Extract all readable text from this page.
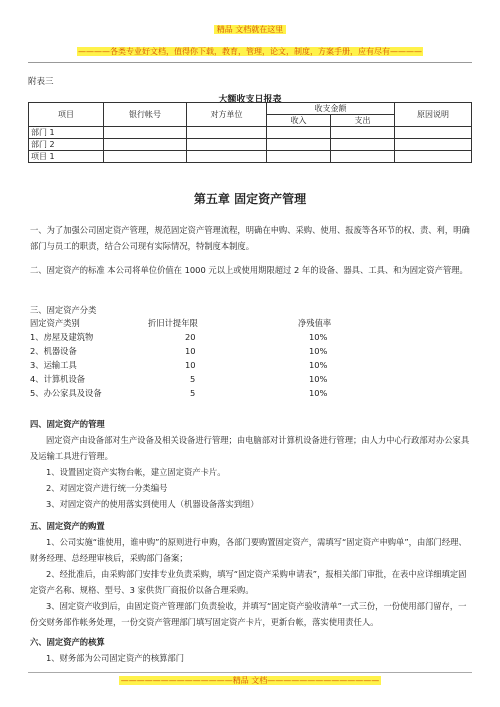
精品 文档就在这里
————各类专业好文档，值得你下载，教育，管理，论文，制度，方案手册，应有尽有————
附表三
大额收支日报表
项目	银行帐号	对方单位	收支金额		原因说明
			收入	支出	
部门 1					
部门 2					
项目 1					
第五章 固定资产管理
一、为了加强公司固定资产管理，规范固定资产管理流程，明确在申购、采购、使用、报废等各环节的权、责、利，明确部门与员工的职责，结合公司现有实际情况，特制度本制度。
二、固定资产的标准 本公司将单位价值在 1000 元以上或使用期限超过 2 年的设备、器具、工具、和为固定资产管理。
三、固定资产分类
固定资产类别	折旧计提年限	净残值率
1、房屋及建筑物	20	10%
2、机器设备	10	10%
3、运输工具	10	10%
4、计算机设备	5	10%
5、办公家具及设备	5	10%
四、固定资产的管理
固定资产由设备部对生产设备及相关设备进行管理；由电脑部对计算机设备进行管理；由人力中心行政部对办公家具及运输工具进行管理。
1、设置固定资产实物台帐，建立固定资产卡片。
2、对固定资产进行统一分类编号
3、对固定资产的使用落实到使用人（机器设备落实到组）
五、固定资产的购置
1、公司实施“谁使用，谁申购”的原则进行申购，各部门要购置固定资产，需填写“固定资产申购单”，由部门经理、财务经理、总经理审核后，采购部门备案；
2、经批准后，由采购部门安排专业负责采购，填写“固定资产采购申请表”，报相关部门审批，在表中应详细填定固定资产名称、规格、型号、3 家供货厂商报价以备合理采购。
3、固定资产收到后，由固定资产管理部门负责验收，并填写“固定资产验收清单”一式三份，一份使用部门留存，一份交财务部作帐务处理，一份交资产管理部门填写固定资产卡片，更新台帐，落实使用责任人。
六、固定资产的核算
1、财务部为公司固定资产的核算部门
——————————————精品 文档——————————————
